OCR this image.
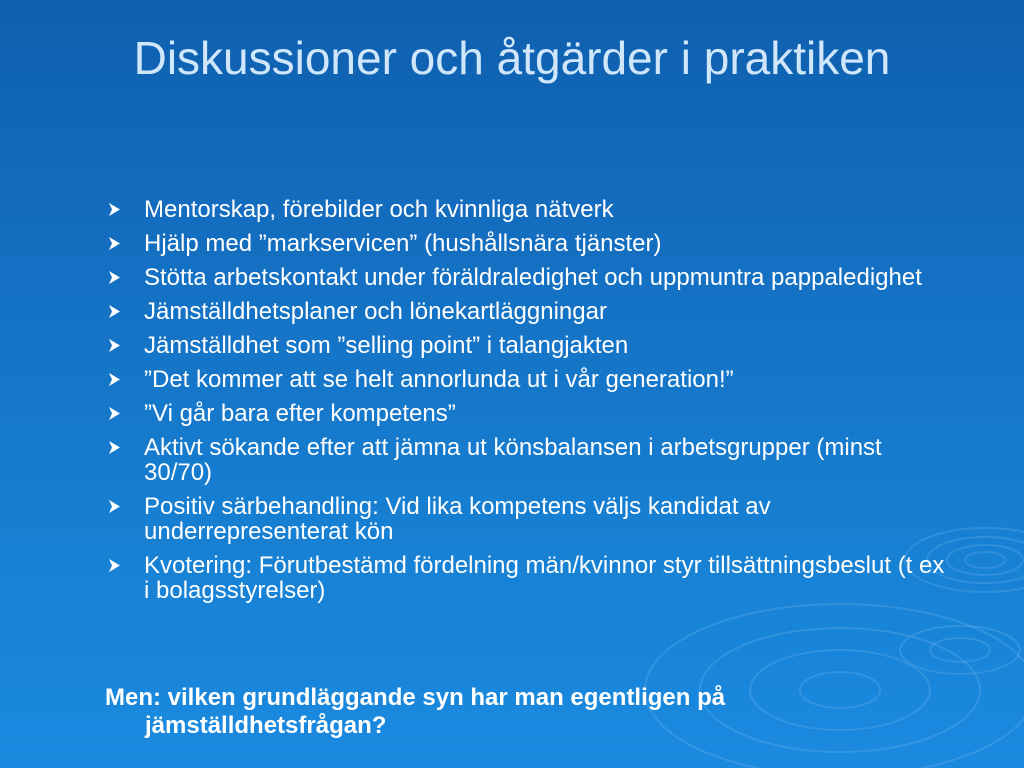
Diskussioner och åtgärder i praktiken
Mentorskap, förebilder och kvinnliga nätverk
Hjälp med ”markservicen” (hushållsnära tjänster)
Stötta arbetskontakt under föräldraledighet och uppmuntra pappaledighet
Jämställdhetsplaner och lönekartläggningar
Jämställdhet som ”selling point” i talangjakten
”Det kommer att se helt annorlunda ut i vår generation!”
”Vi går bara efter kompetens”
Aktivt sökande efter att jämna ut könsbalansen i arbetsgrupper (minst 30/70)
Positiv särbehandling: Vid lika kompetens väljs kandidat av underrepresenterat kön
Kvotering: Förutbestämd fördelning män/kvinnor styr tillsättningsbeslut (t ex i bolagsstyrelser)

Men: vilken grundläggande syn har man egentligen på jämställdhetsfrågan?
